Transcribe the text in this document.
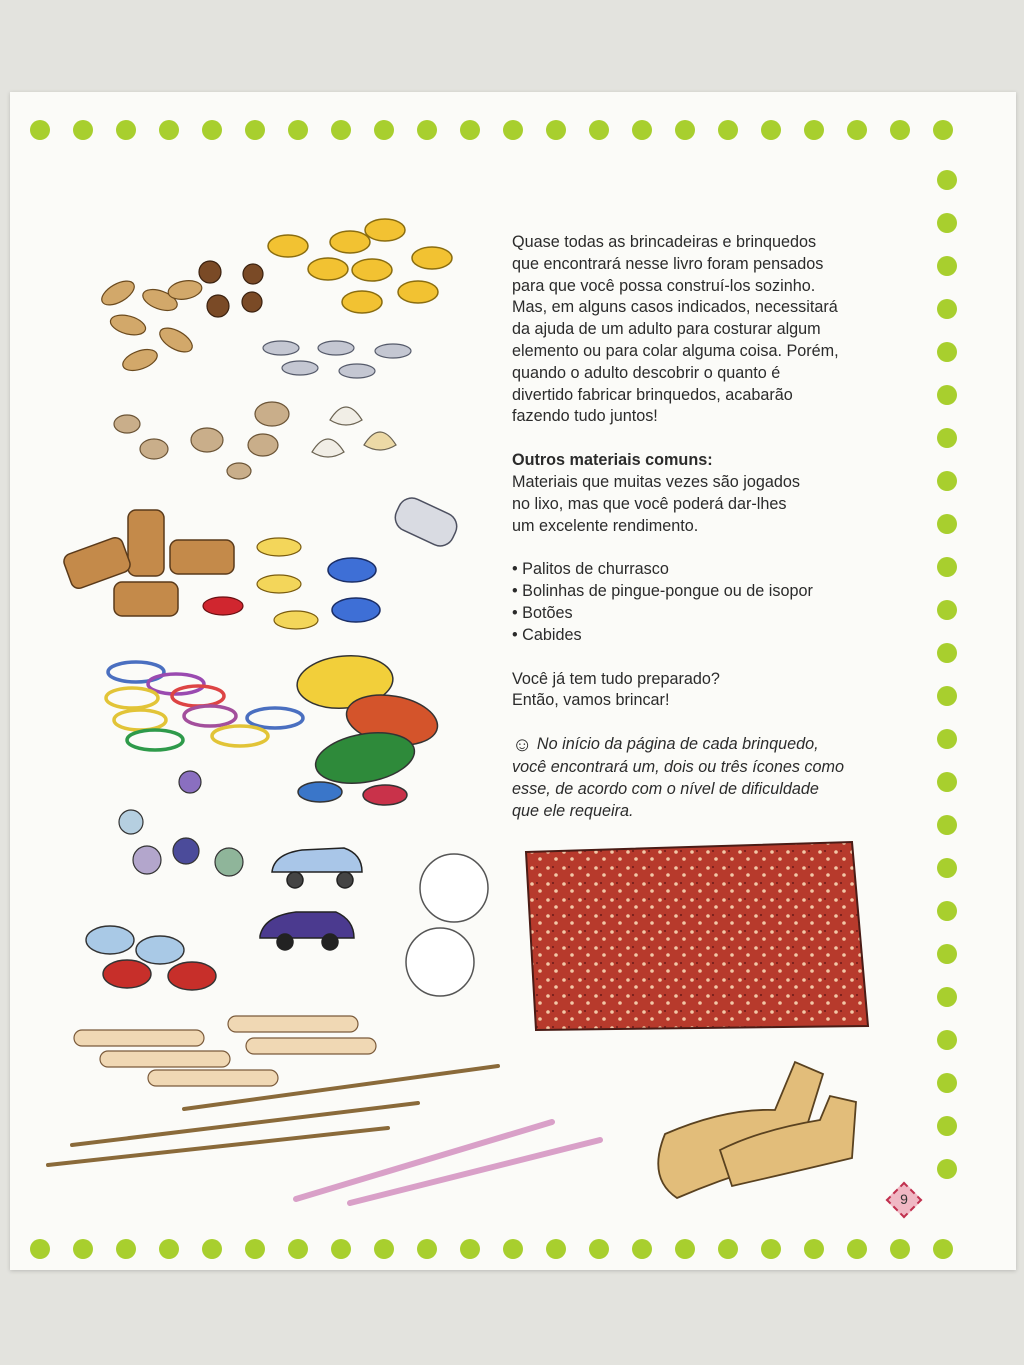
Quase todas as brincadeiras e brinquedos
que encontrará nesse livro foram pensados
para que você possa construí-los sozinho.
Mas, em alguns casos indicados, necessitará
da ajuda de um adulto para costurar algum
elemento ou para colar alguma coisa. Porém,
quando o adulto descobrir o quanto é
divertido fabricar brinquedos, acabarão
fazendo tudo juntos!

Outros materiais comuns:

Materiais que muitas vezes são jogados
no lixo, mas que você poderá dar-lhes
um excelente rendimento.

• Palitos de churrasco
• Bolinhas de pingue-pongue ou de isopor
• Botões
• Cabides

Você já tem tudo preparado?
Então, vamos brincar!

☺ No início da página de cada brinquedo,
você encontrará um, dois ou três ícones como
esse, de acordo com o nível de dificuldade
que ele requeira.

9
